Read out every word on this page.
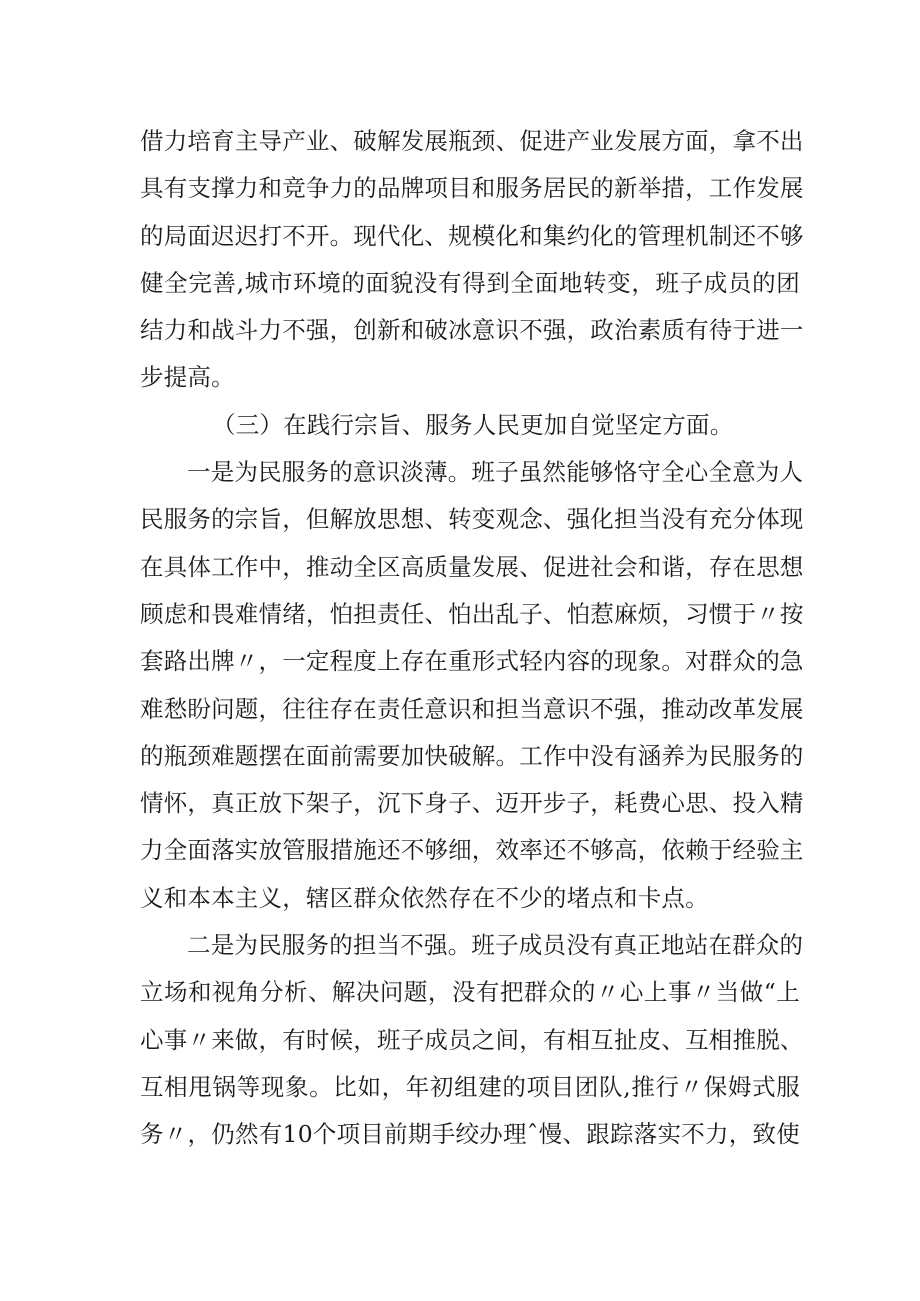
借力培育主导产业、破解发展瓶颈、促进产业发展方面，拿不出
具有支撑力和竞争力的品牌项目和服务居民的新举措，工作发展
的局面迟迟打不开。现代化、规模化和集约化的管理机制还不够
健全完善,城市环境的面貌没有得到全面地转变，班子成员的团
结力和战斗力不强，创新和破冰意识不强，政治素质有待于进一
步提高。
（三）在践行宗旨、服务人民更加自觉坚定方面。
一是为民服务的意识淡薄。班子虽然能够恪守全心全意为人
民服务的宗旨，但解放思想、转变观念、强化担当没有充分体现
在具体工作中，推动全区高质量发展、促进社会和谐，存在思想
顾虑和畏难情绪，怕担责任、怕出乱子、怕惹麻烦，习惯于〃按
套路出牌〃，一定程度上存在重形式轻内容的现象。对群众的急
难愁盼问题，往往存在责任意识和担当意识不强，推动改革发展
的瓶颈难题摆在面前需要加快破解。工作中没有涵养为民服务的
情怀，真正放下架子，沉下身子、迈开步子，耗费心思、投入精
力全面落实放管服措施还不够细，效率还不够高，依赖于经验主
义和本本主义，辖区群众依然存在不少的堵点和卡点。
二是为民服务的担当不强。班子成员没有真正地站在群众的
立场和视角分析、解决问题，没有把群众的〃心上事〃当做“上
心事〃来做，有时候，班子成员之间，有相互扯皮、互相推脱、
互相甩锅等现象。比如，年初组建的项目团队,推行〃保姆式服
务〃，仍然有10个项目前期手绞办理ˆ慢、跟踪落实不力，致使
